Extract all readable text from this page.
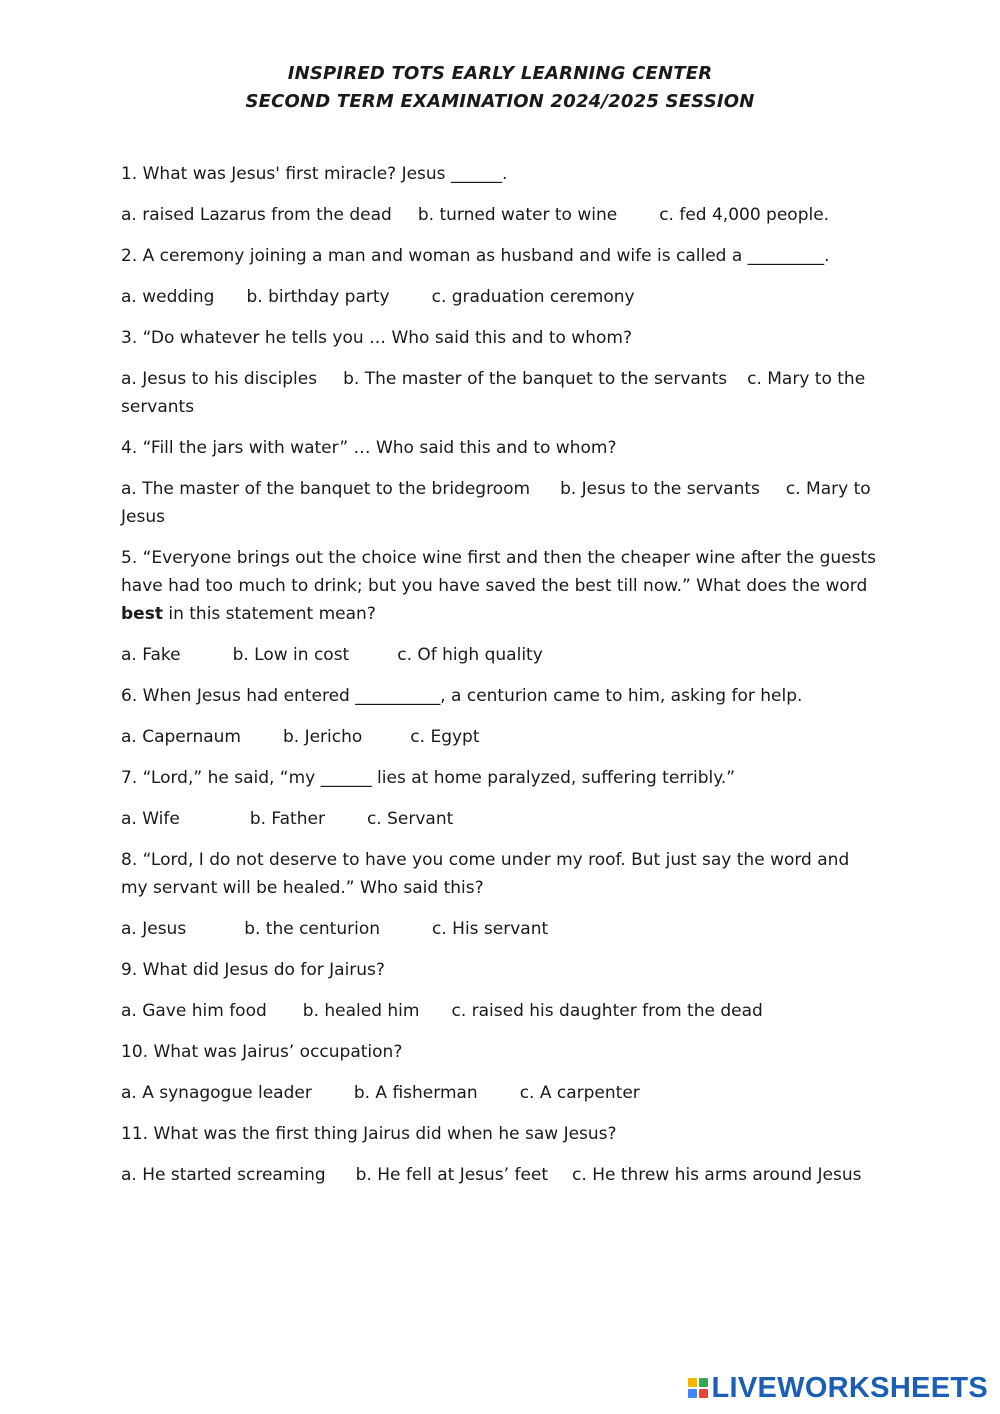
INSPIRED TOTS EARLY LEARNING CENTER
SECOND TERM EXAMINATION 2024/2025 SESSION
1. What was Jesus' first miracle? Jesus ______.
a. raised Lazarus from the dead b. turned water to wine c. fed 4,000 people.
2. A ceremony joining a man and woman as husband and wife is called a _________.
a. wedding b. birthday party c. graduation ceremony
3. “Do whatever he tells you … Who said this and to whom?
a. Jesus to his disciples b. The master of the banquet to the servants c. Mary to the servants
4. “Fill the jars with water” … Who said this and to whom?
a. The master of the banquet to the bridegroom b. Jesus to the servants c. Mary to Jesus
5. “Everyone brings out the choice wine first and then the cheaper wine after the guests have had too much to drink; but you have saved the best till now.” What does the word best in this statement mean?
a. Fake	b. Low in cost	c. Of high quality
6. When Jesus had entered __________, a centurion came to him, asking for help.
a. Capernaum b. Jericho	c. Egypt
7. “Lord,” he said, “my ______ lies at home paralyzed, suffering terribly.”
a. Wife	b. Father c. Servant
8. “Lord, I do not deserve to have you come under my roof. But just say the word and my servant will be healed.” Who said this?
a. Jesus	b. the centurion	c. His servant
9. What did Jesus do for Jairus?
a. Gave him food b. healed him c. raised his daughter from the dead
10. What was Jairus’ occupation?
a. A synagogue leader b. A fisherman c. A carpenter
11. What was the first thing Jairus did when he saw Jesus?
a. He started screaming b. He fell at Jesus’ feet c. He threw his arms around Jesus
LIVEWORKSHEETS
